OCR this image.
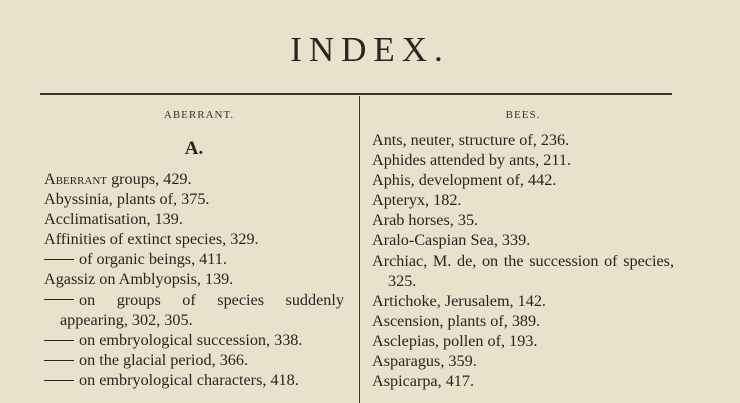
INDEX.
ABERRANT.
A.
Aberrant groups, 429.
Abyssinia, plants of, 375.
Acclimatisation, 139.
Affinities of extinct species, 329.
of organic beings, 411.
Agassiz on Amblyopsis, 139.
on groups of species suddenly appearing, 302, 305.
on embryological succession, 338.
on the glacial period, 366.
on embryological characters, 418.
BEES.
Ants, neuter, structure of, 236.
Aphides attended by ants, 211.
Aphis, development of, 442.
Apteryx, 182.
Arab horses, 35.
Aralo-Caspian Sea, 339.
Archiac, M. de, on the succession of species, 325.
Artichoke, Jerusalem, 142.
Ascension, plants of, 389.
Asclepias, pollen of, 193.
Asparagus, 359.
Aspicarpa, 417.
